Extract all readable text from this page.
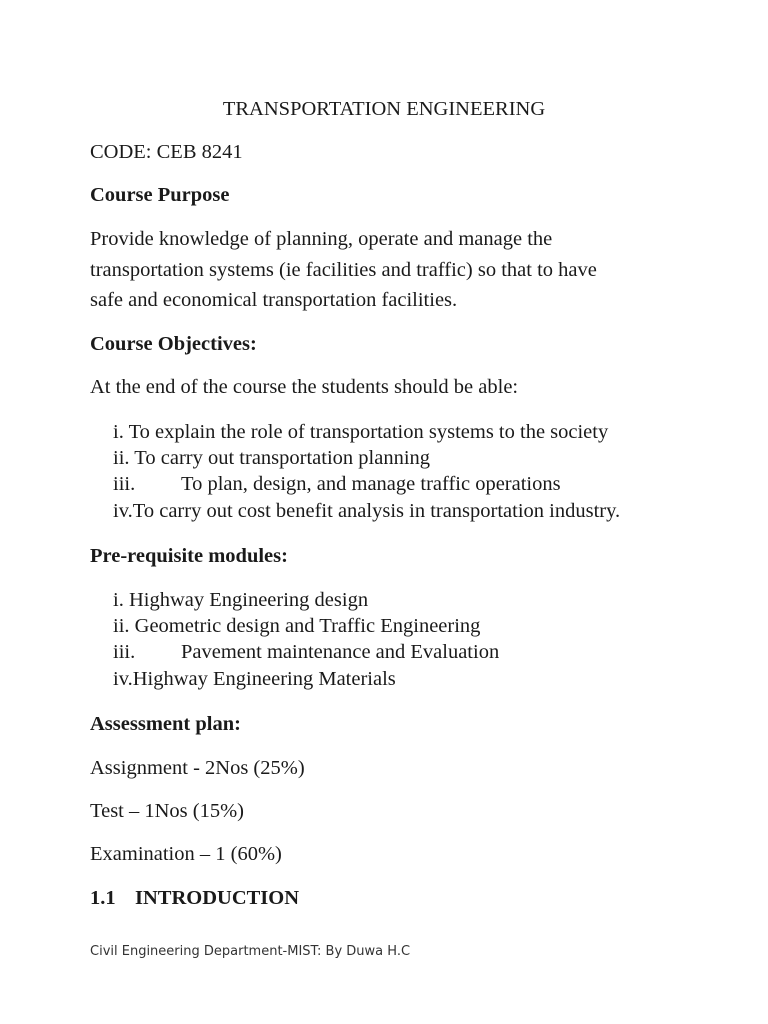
TRANSPORTATION ENGINEERING

CODE: CEB 8241

Course Purpose

Provide knowledge of planning, operate and manage the

transportation systems (ie facilities and traffic) so that to have

safe and economical transportation facilities.

Course Objectives:

At the end of the course the students should be able:

i. To explain the role of transportation systems to the society

ii. To carry out transportation planning

iii. To plan, design, and manage traffic operations

iv.To carry out cost benefit analysis in transportation industry.

Pre-requisite modules:

i. Highway Engineering design

ii. Geometric design and Traffic Engineering

iii. Pavement maintenance and Evaluation

iv.Highway Engineering Materials

Assessment plan:

Assignment - 2Nos (25%)

Test – 1Nos (15%)

Examination – 1 (60%)

1.1 INTRODUCTION

Civil Engineering Department-MIST: By Duwa H.C
